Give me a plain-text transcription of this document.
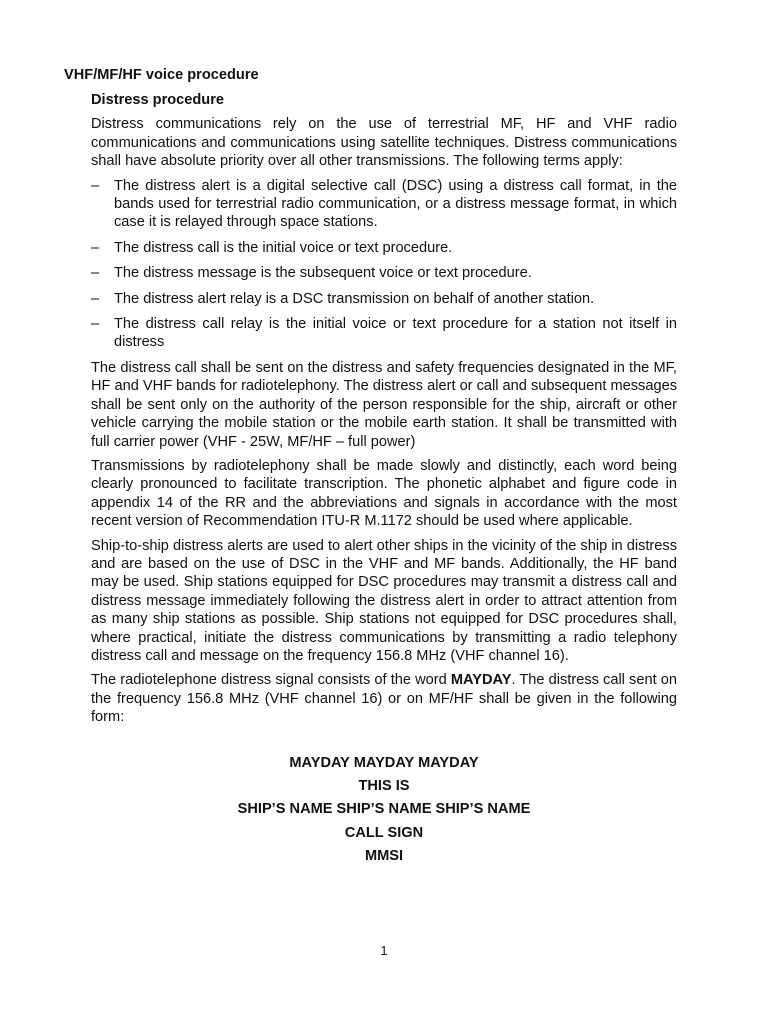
VHF/MF/HF voice procedure
Distress procedure

Distress communications rely on the use of terrestrial MF, HF and VHF radio communications and communications using satellite techniques. Distress communications shall have absolute priority over all other transmissions. The following terms apply:

– The distress alert is a digital selective call (DSC) using a distress call format, in the bands used for terrestrial radio communication, or a distress message format, in which case it is relayed through space stations.
– The distress call is the initial voice or text procedure.
– The distress message is the subsequent voice or text procedure.
– The distress alert relay is a DSC transmission on behalf of another station.
– The distress call relay is the initial voice or text procedure for a station not itself in distress

The distress call shall be sent on the distress and safety frequencies designated in the MF, HF and VHF bands for radiotelephony. The distress alert or call and subsequent messages shall be sent only on the authority of the person responsible for the ship, aircraft or other vehicle carrying the mobile station or the mobile earth station. It shall be transmitted with full carrier power (VHF - 25W, MF/HF – full power)

Transmissions by radiotelephony shall be made slowly and distinctly, each word being clearly pronounced to facilitate transcription. The phonetic alphabet and figure code in appendix 14 of the RR and the abbreviations and signals in accordance with the most recent version of Recommendation ITU-R M.1172 should be used where applicable.

Ship-to-ship distress alerts are used to alert other ships in the vicinity of the ship in distress and are based on the use of DSC in the VHF and MF bands. Additionally, the HF band may be used. Ship stations equipped for DSC procedures may transmit a distress call and distress message immediately following the distress alert in order to attract attention from as many ship stations as possible. Ship stations not equipped for DSC procedures shall, where practical, initiate the distress communications by transmitting a radio telephony distress call and message on the frequency 156.8 MHz (VHF channel 16).

The radiotelephone distress signal consists of the word MAYDAY. The distress call sent on the frequency 156.8 MHz (VHF channel 16) or on MF/HF shall be given in the following form:

MAYDAY MAYDAY MAYDAY
THIS IS
SHIP’S NAME SHIP’S NAME SHIP’S NAME
CALL SIGN
MMSI
1
